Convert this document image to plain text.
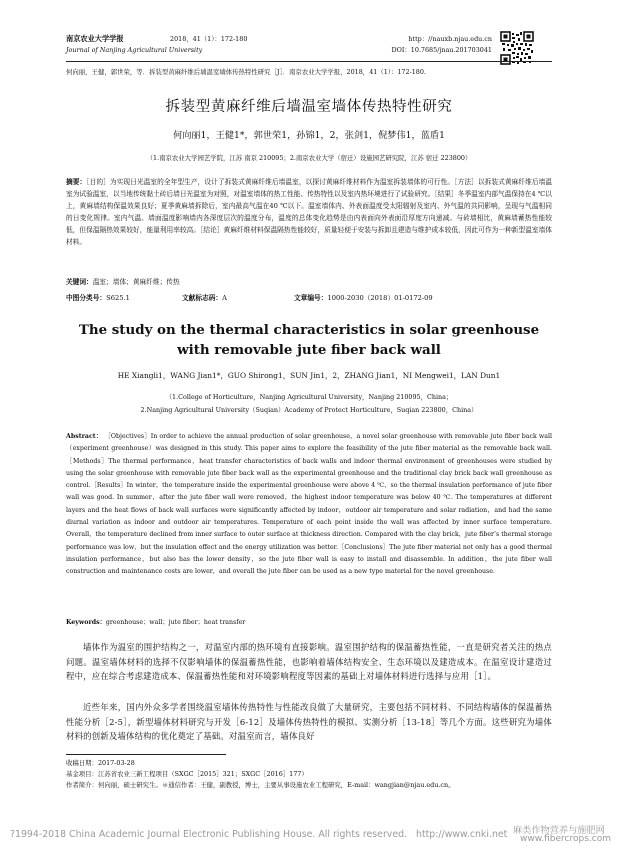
南京农业大学学报	2018，41（1）：172-180
Journal of Nanjing Agricultural University
http：//nauxb.njau.edu.cn
DOI：10.7685/jnau.201703041
何向丽，王健，郭世荣，等．拆装型黄麻纤维后墙温室墙体传热特性研究［J］．南京农业大学学报，2018，41（1）：172-180.
拆装型黄麻纤维后墙温室墙体传热特性研究
何向丽1，王健1*，郭世荣1，孙锦1，2，张剑1，倪梦伟1，蓝盾1
（1.南京农业大学园艺学院，江苏 南京 210095；2.南京农业大学（宿迁）设施园艺研究院，江苏 宿迁 223800）
摘要：［目的］为实现日光温室的全年型生产，设计了拆装式黄麻纤维后墙温室，以探讨黄麻纤维材料作为温室拆装墙体的可行性。［方法］以拆装式黄麻纤维后墙温室为试验温室，以当地传统黏土砖后墙日光温室为对照，对温室墙体的热工性能、传热特性以及室内热环境进行了试验研究。［结果］冬季温室内部气温保持在4 ℃以上，黄麻墙结构保温效果良好；夏季黄麻墙拆除后，室内最高气温在40 ℃以下。温室墙体内、外表面温度受太阳辐射及室内、外气温的共同影响，呈现与气温相同的日变化规律。室内气温、墙面温度影响墙内各深度层次的温度分布，温度的总体变化趋势是由内表面向外表面沿厚度方向递减。与砖墙相比，黄麻墙蓄热性能较低，但保温隔热效果较好，能量利用率较高。［结论］黄麻纤维材料保温隔热性能较好，质量轻便于安装与拆卸且建造与维护成本较低，因此可作为一种新型温室墙体材料。
关键词：温室；墙体；黄麻纤维；传热
中图分类号：S625.1	文献标志码：A	文章编号：1000-2030（2018）01-0172-09
The study on the thermal characteristics in solar greenhouse
with removable jute fiber back wall
HE Xiangli1，WANG Jian1*，GUO Shirong1，SUN Jin1，2，ZHANG Jian1，NI Mengwei1，LAN Dun1
（1.College of Horticulture，Nanjing Agricultural University，Nanjing 210095，China；
2.Nanjing Agricultural University（Suqian）Academy of Protect Horticulture，Suqian 223800，China）
Abstract： ［Objectives］In order to achieve the annual production of solar greenhouse，a novel solar greenhouse with removable jute fiber back wall（experiment greenhouse）was designed in this study. This paper aims to explore the feasibility of the jute fiber material as the removable back wall.［Methods］The thermal performance，heat transfer characteristics of back walls and indoor thermal environment of greenhouses were studied by using the solar greenhouse with removable jute fiber back wall as the experimental greenhouse and the traditional clay brick back wall greenhouse as control.［Results］In winter，the temperature inside the experimental greenhouse were above 4 ℃，so the thermal insulation performance of jute fiber wall was good. In summer，after the jute fiber wall were removed，the highest indoor temperature was below 40 ℃. The temperatures at different layers and the heat flows of back wall surfaces were significantly affected by indoor，outdoor air temperature and solar radiation，and had the same diurnal variation as indoor and outdoor air temperatures. Temperature of each point inside the wall was affected by inner surface temperature. Overall，the temperature declined from inner surface to outer surface at thickness direction. Compared with the clay brick，jute fiber’s thermal storage performance was low，but the insulation effect and the energy utilization was better.［Conclusions］The jute fiber material not only has a good thermal insulation performance，but also has the lower density，so the jute fiber wall is easy to install and disassemble. In addition，the jute fiber wall construction and maintenance costs are lower，and overall the jute fiber can be used as a new type material for the novel greenhouse.
Keywords：greenhouse；wall；jute fiber；heat transfer
墙体作为温室的围护结构之一，对温室内部的热环境有直接影响。温室围护结构的保温蓄热性能，一直是研究者关注的热点问题。温室墙体材料的选择不仅影响墙体的保温蓄热性能，也影响着墙体结构安全、生态环境以及建造成本。在温室设计建造过程中，应在综合考虑建造成本、保温蓄热性能和对环境影响程度等因素的基础上对墙体材料进行选择与应用［1］。
近些年来，国内外众多学者围绕温室墙体传热特性与性能改良做了大量研究，主要包括不同材料、不同结构墙体的保温蓄热性能分析［2-5］，新型墙体材料研究与开发［6-12］及墙体传热特性的模拟、实测分析［13-18］等几个方面。这些研究为墙体材料的创新及墙体结构的优化奠定了基础。对温室而言，墙体良好
收稿日期：2017-03-28
基金项目：江苏省农业三新工程项目（SXGC［2015］321；SXGC［2016］177）
作者简介：何向丽，硕士研究生。＊通信作者：王健，副教授，博士，主要从事设施农业工程研究，E-mail：wangjian@njau.edu.cn。
?1994-2018 China Academic Journal Electronic Publishing House. All rights reserved. http://www.cnki.net 麻类作物营养与施肥网
www.fibercrops.com
